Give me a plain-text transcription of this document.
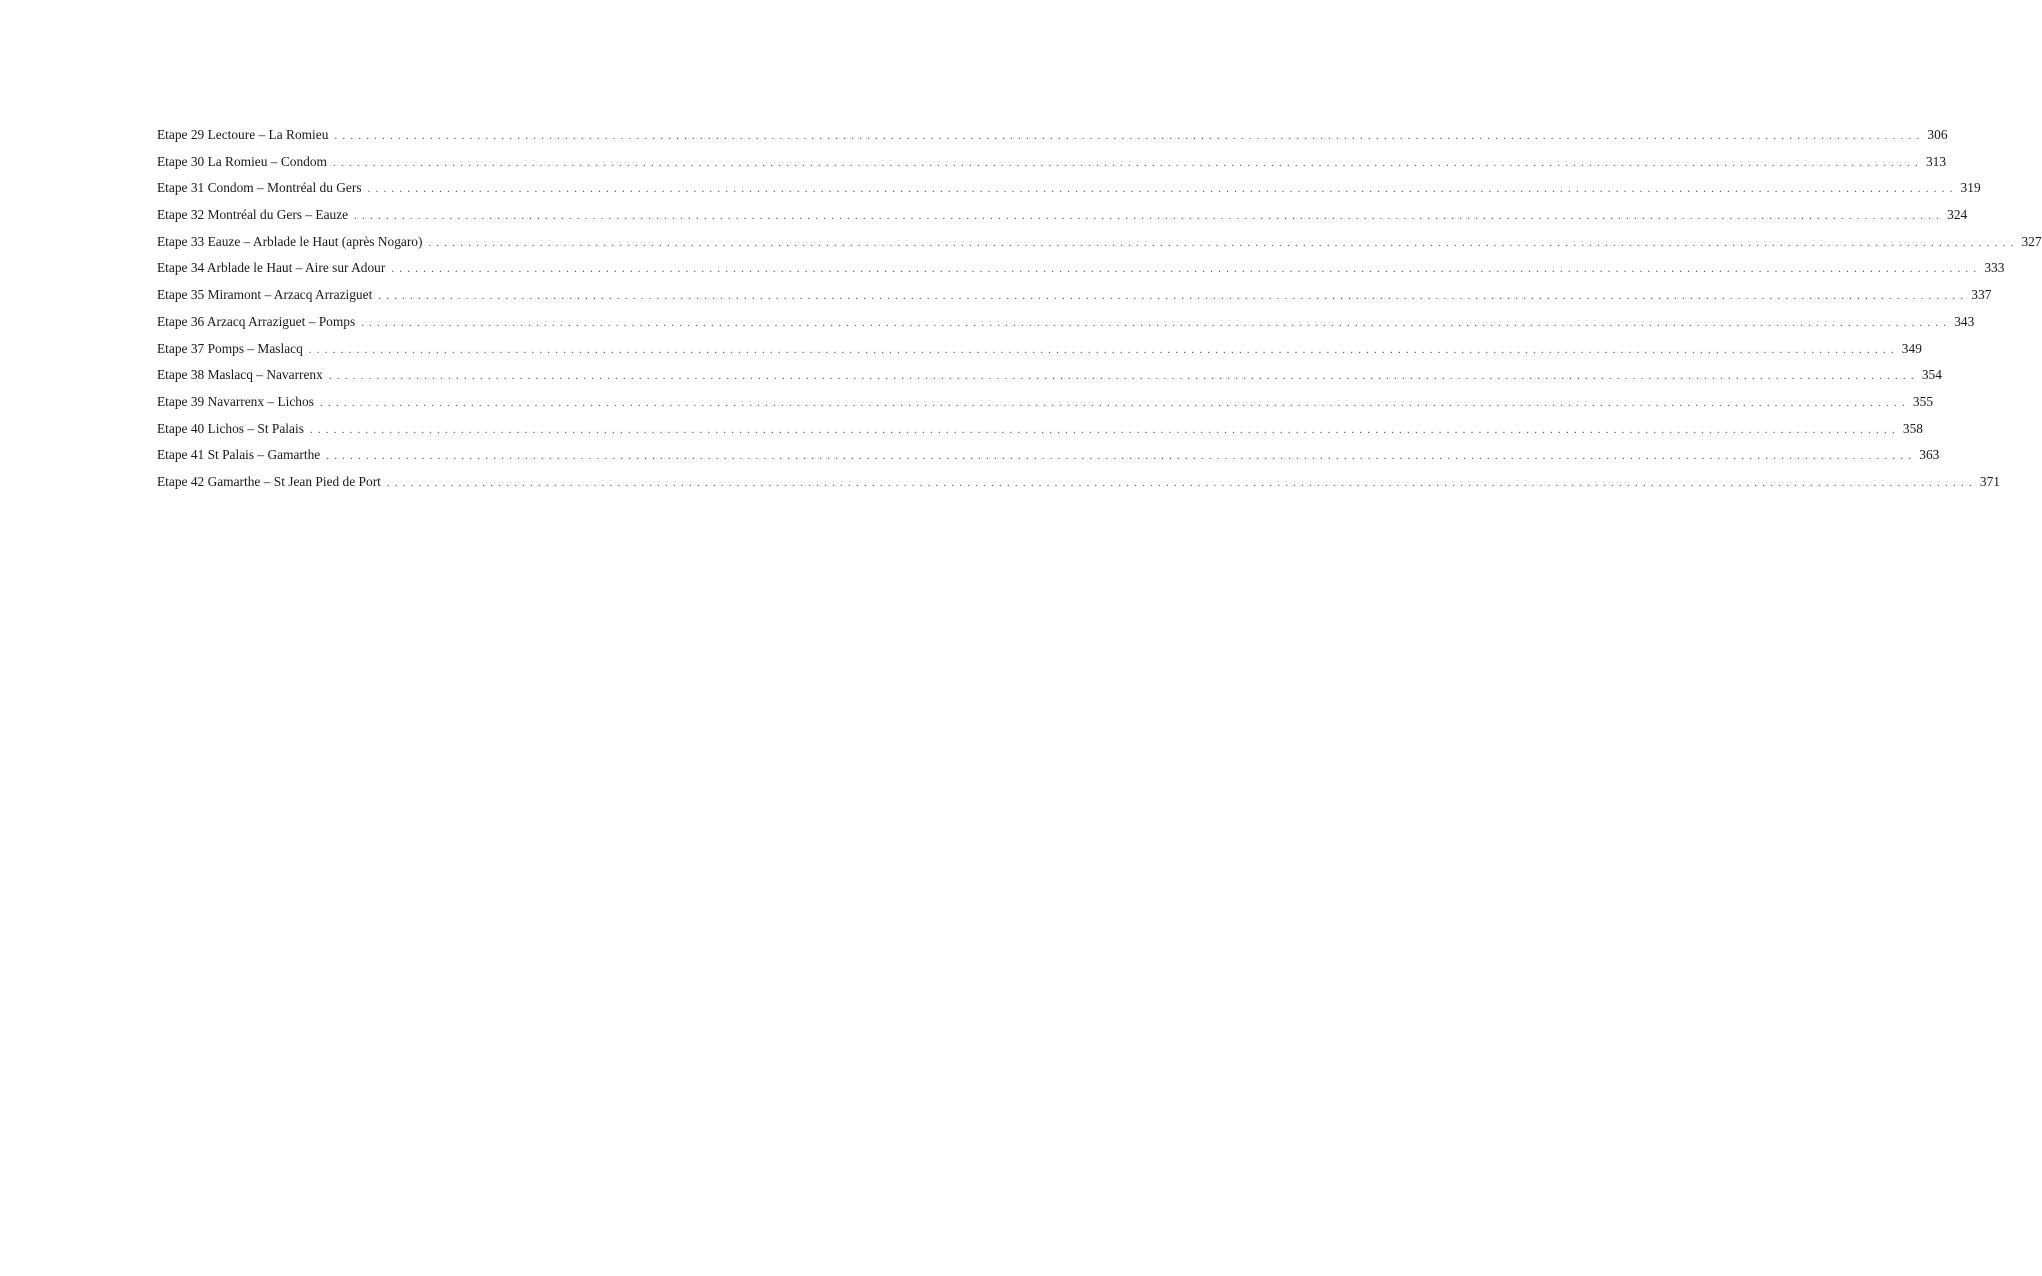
Etape 29 Lectoure – La Romieu ........................................................................................................................................................................................................ 306
Etape 30 La Romieu – Condom ........................................................................................................................................................................................................ 313
Etape 31 Condom – Montréal du Gers ........................................................................................................................................................................................................ 319
Etape 32 Montréal du Gers – Eauze ........................................................................................................................................................................................................ 324
Etape 33 Eauze – Arblade le Haut (après Nogaro) ........................................................................................................................................................................................................ 327
Etape 34 Arblade le Haut – Aire sur Adour ........................................................................................................................................................................................................ 333
Etape 35 Miramont – Arzacq Arraziguet ........................................................................................................................................................................................................ 337
Etape 36 Arzacq Arraziguet – Pomps ........................................................................................................................................................................................................ 343
Etape 37 Pomps – Maslacq ........................................................................................................................................................................................................ 349
Etape 38 Maslacq – Navarrenx ........................................................................................................................................................................................................ 354
Etape 39 Navarrenx – Lichos ........................................................................................................................................................................................................ 355
Etape 40 Lichos – St Palais ........................................................................................................................................................................................................ 358
Etape 41 St Palais – Gamarthe ........................................................................................................................................................................................................ 363
Etape 42 Gamarthe – St Jean Pied de Port ........................................................................................................................................................................................................ 371
